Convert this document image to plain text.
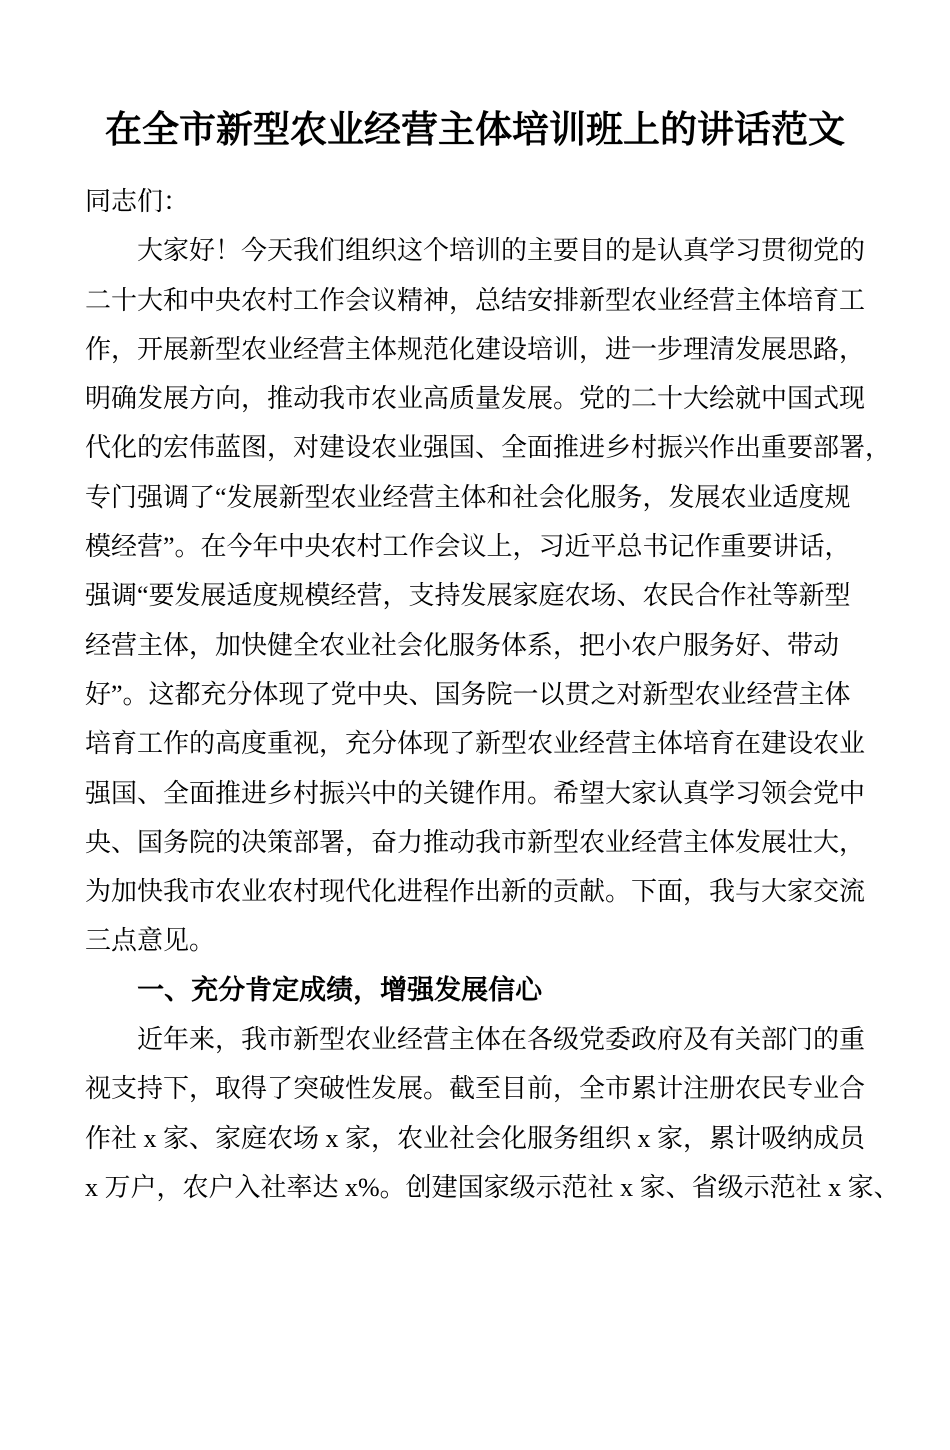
在全市新型农业经营主体培训班上的讲话范文
同志们：
大家好！今天我们组织这个培训的主要目的是认真学习贯彻党的
二十大和中央农村工作会议精神，总结安排新型农业经营主体培育工
作，开展新型农业经营主体规范化建设培训，进一步理清发展思路，
明确发展方向，推动我市农业高质量发展。党的二十大绘就中国式现
代化的宏伟蓝图，对建设农业强国、全面推进乡村振兴作出重要部署，
专门强调了“发展新型农业经营主体和社会化服务，发展农业适度规
模经营”。在今年中央农村工作会议上，习近平总书记作重要讲话，
强调“要发展适度规模经营，支持发展家庭农场、农民合作社等新型
经营主体，加快健全农业社会化服务体系，把小农户服务好、带动
好”。这都充分体现了党中央、国务院一以贯之对新型农业经营主体
培育工作的高度重视，充分体现了新型农业经营主体培育在建设农业
强国、全面推进乡村振兴中的关键作用。希望大家认真学习领会党中
央、国务院的决策部署，奋力推动我市新型农业经营主体发展壮大，
为加快我市农业农村现代化进程作出新的贡献。下面，我与大家交流
三点意见。
一、充分肯定成绩，增强发展信心
近年来，我市新型农业经营主体在各级党委政府及有关部门的重
视支持下，取得了突破性发展。截至目前，全市累计注册农民专业合
作社 x 家、家庭农场 x 家，农业社会化服务组织 x 家，累计吸纳成员
x 万户，农户入社率达 x%。创建国家级示范社 x 家、省级示范社 x 家、
